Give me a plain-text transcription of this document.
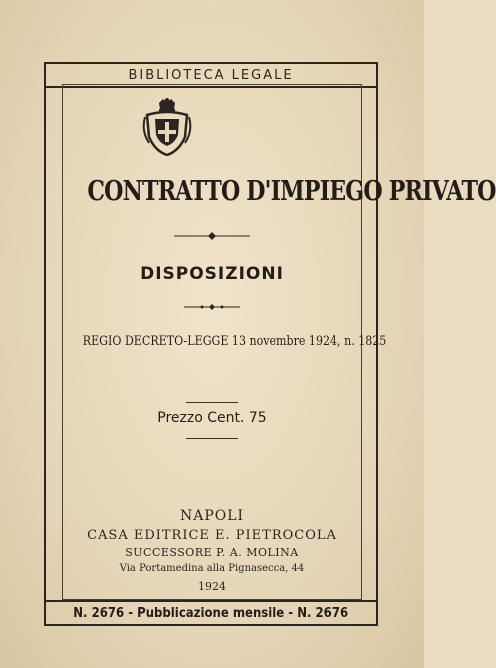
BIBLIOTECA LEGALE
N. 2676 - Pubblicazione mensile - N. 2676
CONTRATTO D'IMPIEGO PRIVATO
DISPOSIZIONI
REGIO DECRETO-LEGGE 13 novembre 1924, n. 1825
Prezzo Cent. 75
NAPOLI
CASA EDITRICE E. PIETROCOLA
SUCCESSORE P. A. MOLINA
Via Portamedina alla Pignasecca, 44
1924
